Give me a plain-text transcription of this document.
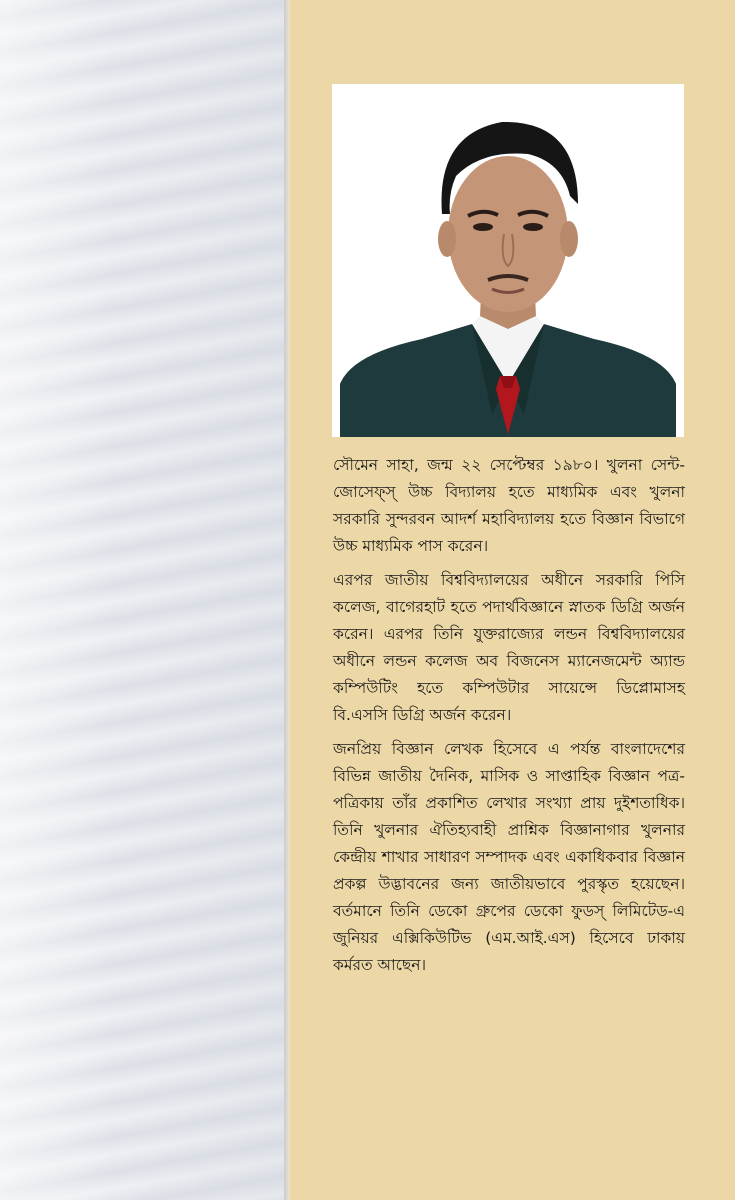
সৌমেন সাহা, জন্ম ২২ সেপ্টেম্বর ১৯৮০। খুলনা সেন্ট-জোসেফ্স্ উচ্চ বিদ্যালয় হতে মাধ্যমিক এবং খুলনা সরকারি সুন্দরবন আদর্শ মহাবিদ্যালয় হতে বিজ্ঞান বিভাগে উচ্চ মাধ্যমিক পাস করেন।

এরপর জাতীয় বিশ্ববিদ্যালয়ের অধীনে সরকারি পিসি কলেজ, বাগেরহাট হতে পদার্থবিজ্ঞানে স্নাতক ডিগ্রি অর্জন করেন। এরপর তিনি যুক্তরাজ্যের লন্ডন বিশ্ববিদ্যালয়ের অধীনে লন্ডন কলেজ অব বিজনেস ম্যানেজমেন্ট অ্যান্ড কম্পিউটিং হতে কম্পিউটার সায়েন্সে ডিপ্লোমাসহ বি.এসসি ডিগ্রি অর্জন করেন।

জনপ্রিয় বিজ্ঞান লেখক হিসেবে এ পর্যন্ত বাংলাদেশের বিভিন্ন জাতীয় দৈনিক, মাসিক ও সাপ্তাহিক বিজ্ঞান পত্র-পত্রিকায় তাঁর প্রকাশিত লেখার সংখ্যা প্রায় দুইশতাধিক। তিনি খুলনার ঐতিহ্যবাহী প্রাশ্নিক বিজ্ঞানাগার খুলনার কেন্দ্রীয় শাখার সাধারণ সম্পাদক এবং একাধিকবার বিজ্ঞান প্রকল্প উদ্ভাবনের জন্য জাতীয়ভাবে পুরস্কৃত হয়েছেন। বর্তমানে তিনি ডেকো গ্রুপের ডেকো ফুডস্ লিমিটেড-এ জুনিয়র এক্সিকিউটিভ (এম.আই.এস) হিসেবে ঢাকায় কর্মরত আছেন।
